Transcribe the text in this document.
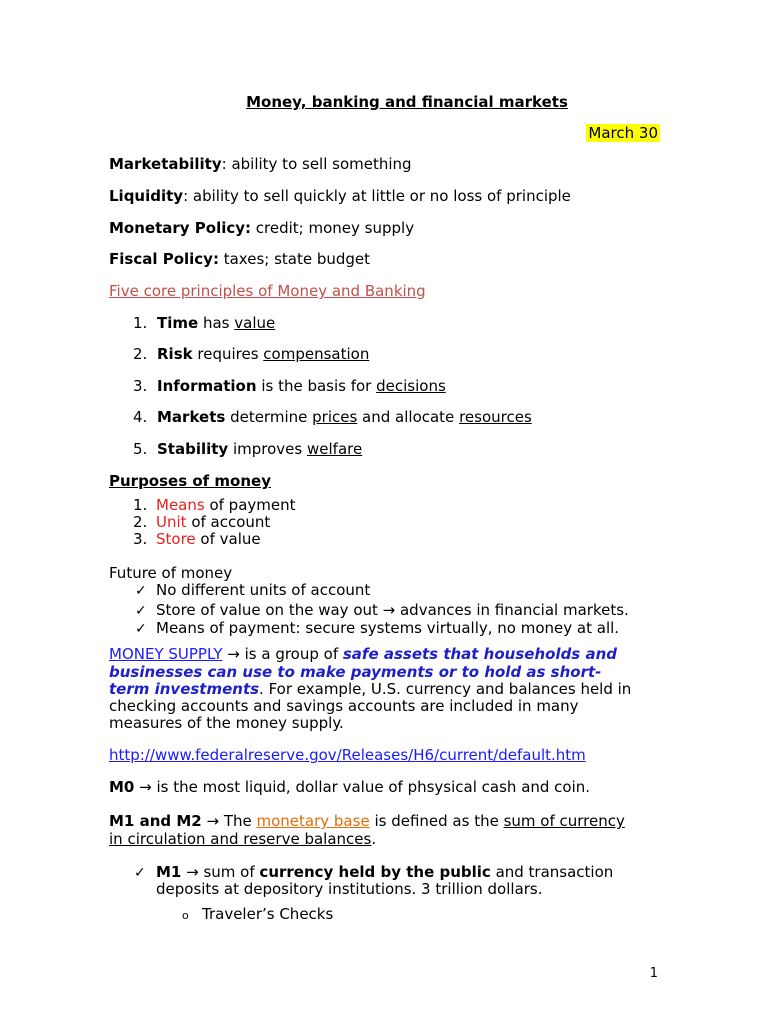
Money, banking and financial markets
March 30
Marketability: ability to sell something
Liquidity: ability to sell quickly at little or no loss of principle
Monetary Policy: credit; money supply
Fiscal Policy: taxes; state budget
Five core principles of Money and Banking
1. Time has value
2. Risk requires compensation
3. Information is the basis for decisions
4. Markets determine prices and allocate resources
5. Stability improves welfare
Purposes of money
1. Means of payment
2. Unit of account
3. Store of value
Future of money
✓ No different units of account
✓ Store of value on the way out → advances in financial markets.
✓ Means of payment: secure systems virtually, no money at all.
MONEY SUPPLY → is a group of safe assets that households and
businesses can use to make payments or to hold as short-
term investments. For example, U.S. currency and balances held in
checking accounts and savings accounts are included in many
measures of the money supply.
http://www.federalreserve.gov/Releases/H6/current/default.htm
M0 → is the most liquid, dollar value of phsysical cash and coin.
M1 and M2 → The monetary base is defined as the sum of currency
in circulation and reserve balances.
✓ M1 → sum of currency held by the public and transaction
deposits at depository institutions. 3 trillion dollars.
o Traveler’s Checks
1
